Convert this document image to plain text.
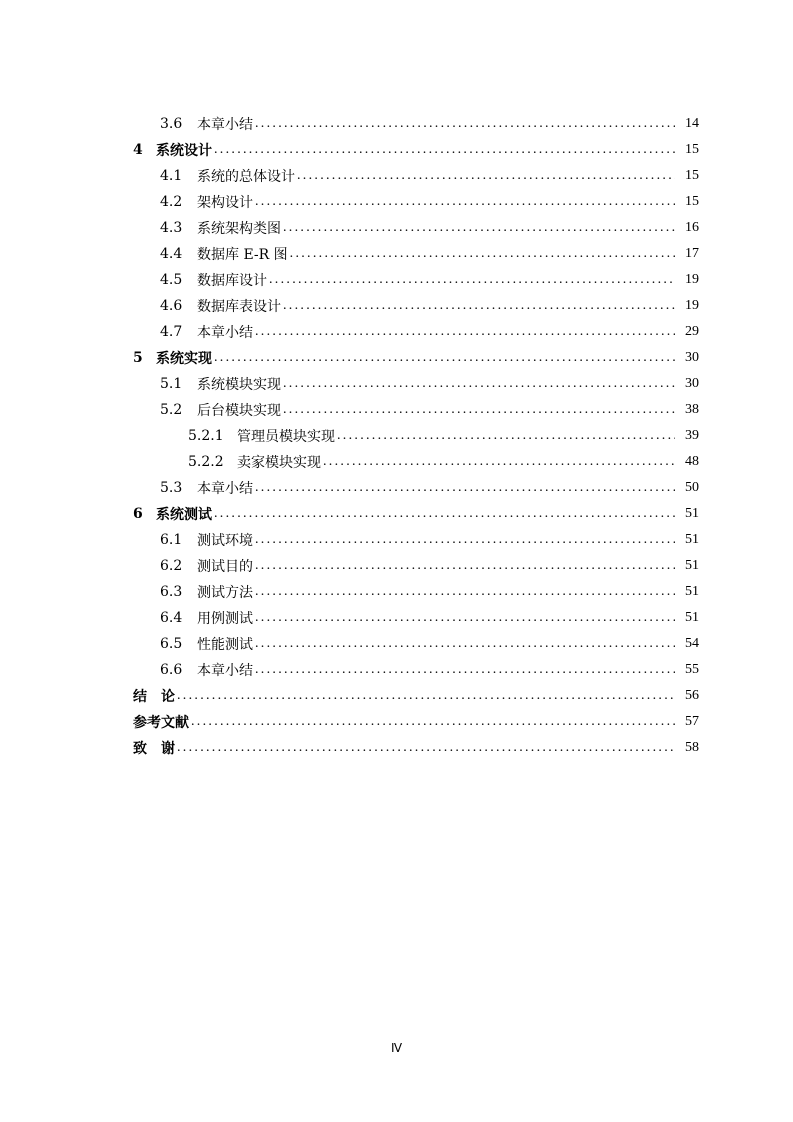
3.6	本章小结 .....	14
4 系统设计 .....	15
4.1	系统的总体设计 .....	15
4.2	架构设计 .....	15
4.3	系统架构类图 .....	16
4.4	数据库 E-R 图 .....	17
4.5	数据库设计 .....	19
4.6	数据库表设计 .....	19
4.7	本章小结 .....	29
5 系统实现 .....	30
5.1	系统模块实现 .....	30
5.2	后台模块实现 .....	38
5.2.1 管理员模块实现 .....	39
5.2.2 卖家模块实现 .....	48
5.3	本章小结 .....	50
6 系统测试 .....	51
6.1	测试环境 .....	51
6.2	测试目的 .....	51
6.3	测试方法 .....	51
6.4	用例测试 .....	51
6.5	性能测试 .....	54
6.6	本章小结 .....	55
结　论 .....	56
参考文献 .....	57
致　谢 .....	58
Ⅳ
